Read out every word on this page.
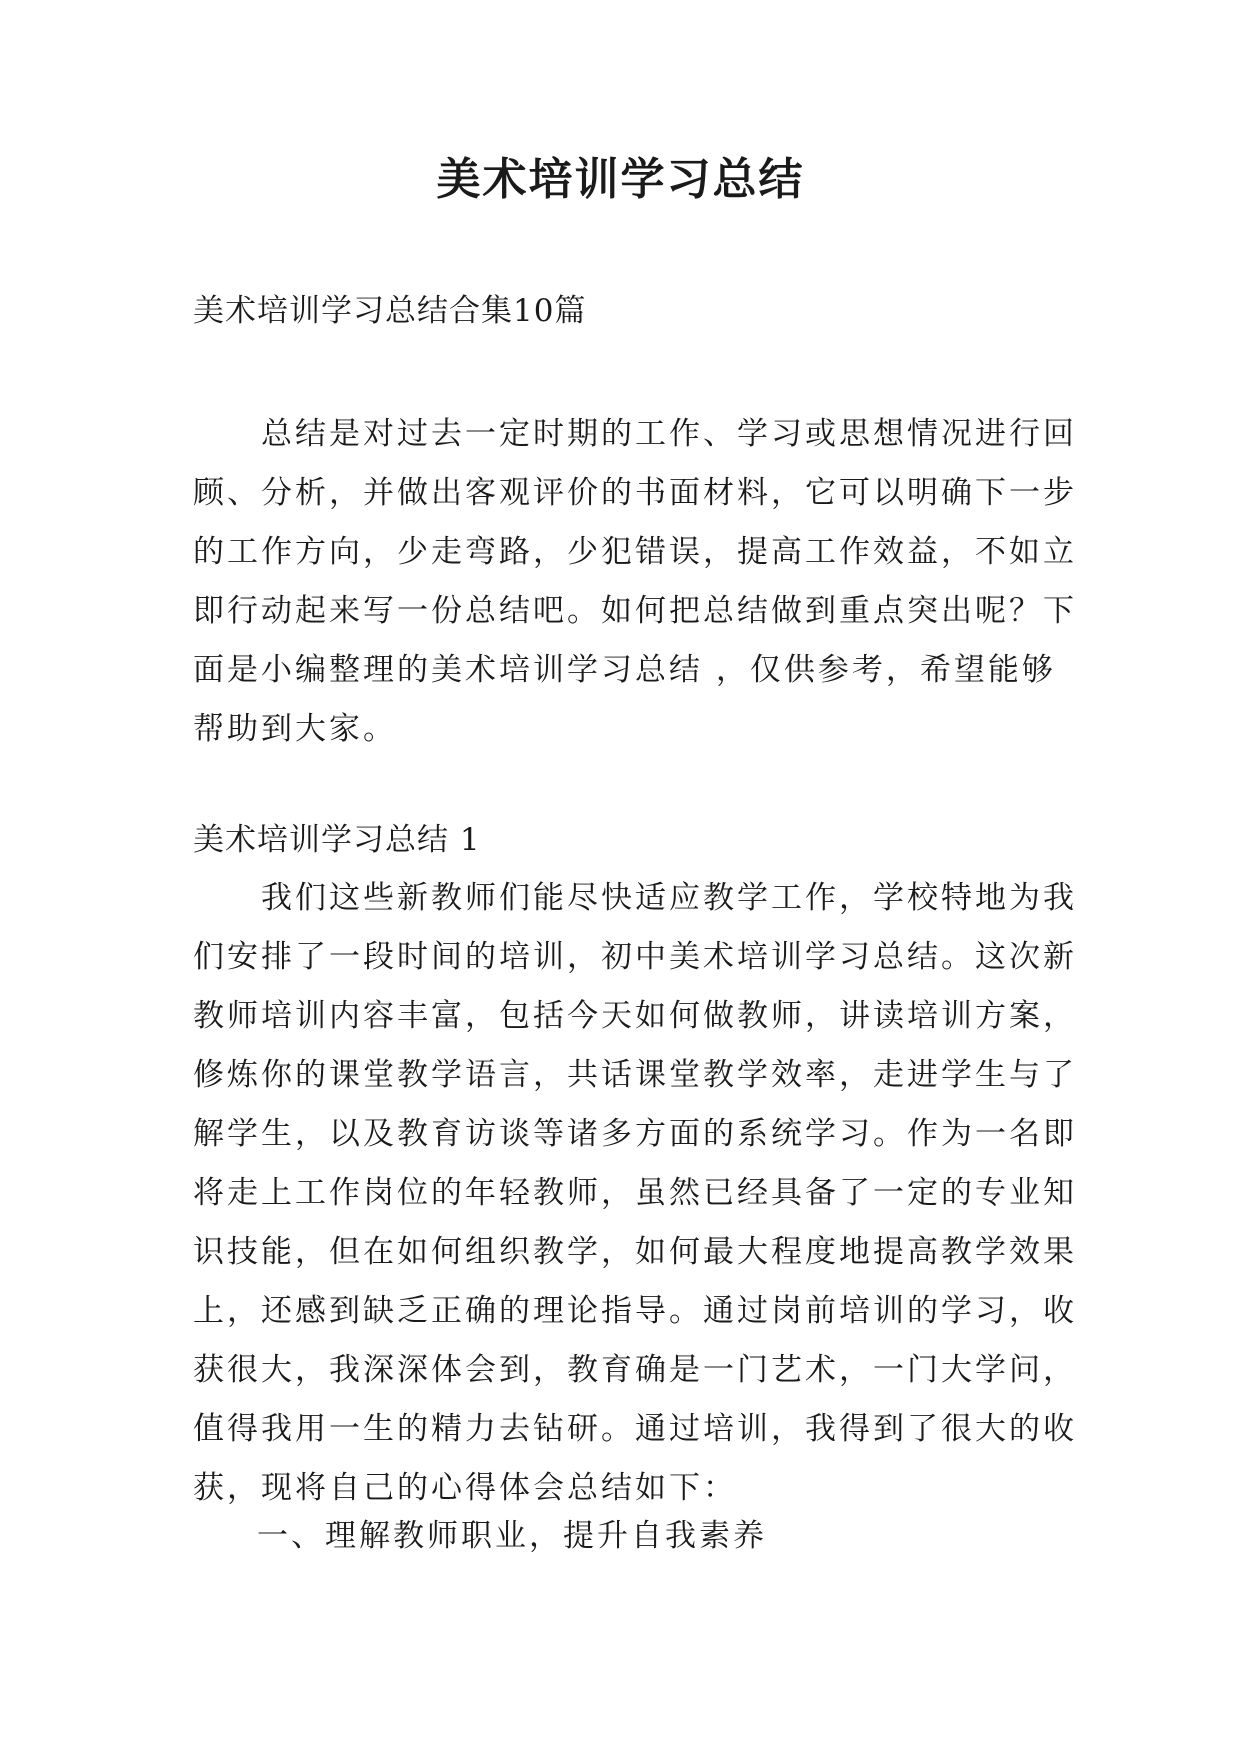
美术培训学习总结
美术培训学习总结合集10篇
　　总结是对过去一定时期的工作、学习或思想情况进行回
顾、分析，并做出客观评价的书面材料，它可以明确下一步
的工作方向，少走弯路，少犯错误，提高工作效益，不如立
即行动起来写一份总结吧。如何把总结做到重点突出呢？下
面是小编整理的美术培训学习总结 ，仅供参考，希望能够
帮助到大家。
美术培训学习总结 1
　　我们这些新教师们能尽快适应教学工作，学校特地为我
们安排了一段时间的培训，初中美术培训学习总结。这次新
教师培训内容丰富，包括今天如何做教师，讲读培训方案，
修炼你的课堂教学语言，共话课堂教学效率，走进学生与了
解学生，以及教育访谈等诸多方面的系统学习。作为一名即
将走上工作岗位的年轻教师，虽然已经具备了一定的专业知
识技能，但在如何组织教学，如何最大程度地提高教学效果
上，还感到缺乏正确的理论指导。通过岗前培训的学习，收
获很大，我深深体会到，教育确是一门艺术，一门大学问，
值得我用一生的精力去钻研。通过培训，我得到了很大的收
获，现将自己的心得体会总结如下：
一、理解教师职业，提升自我素养
